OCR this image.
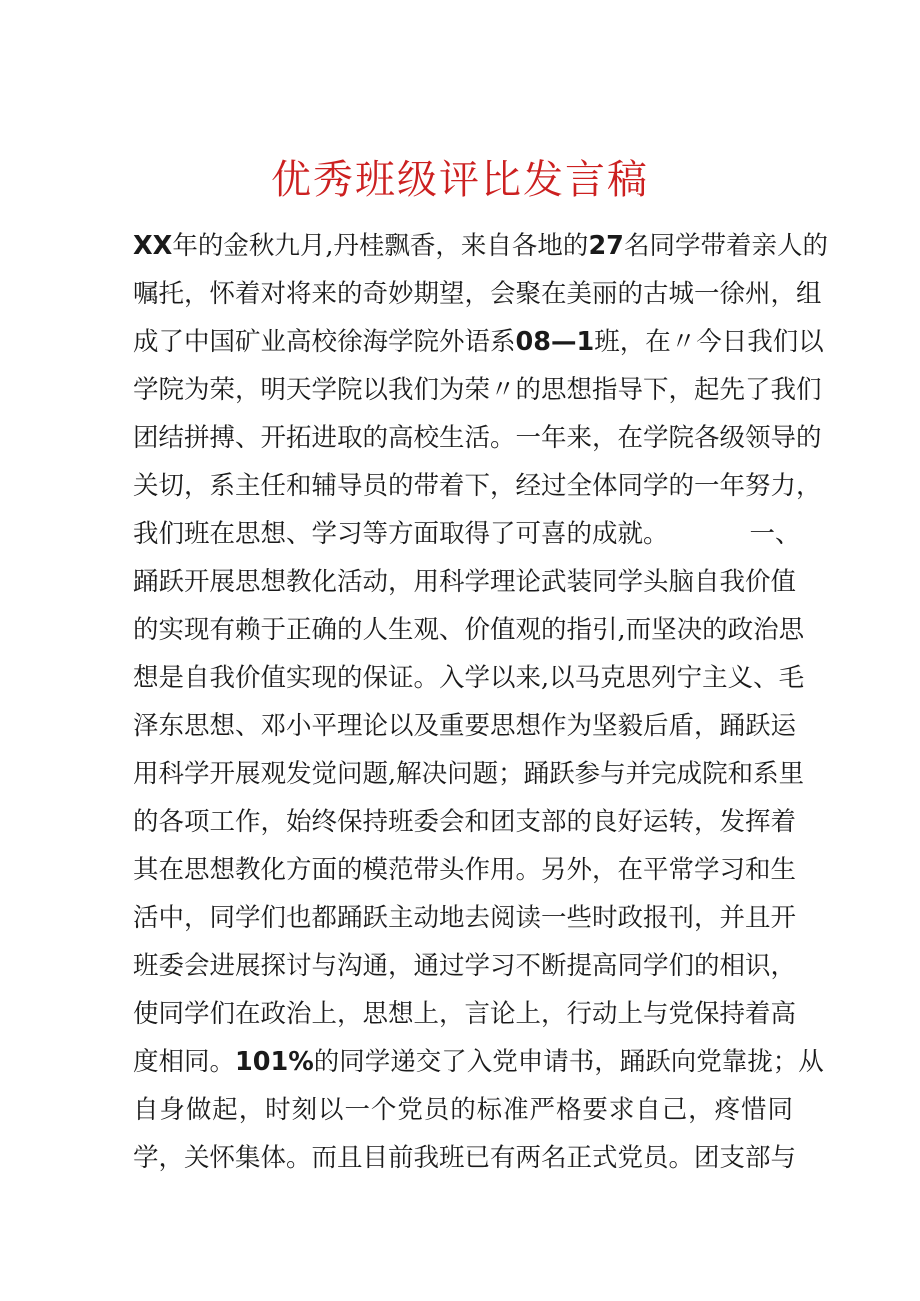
优秀班级评比发言稿
XX年的金秋九月,丹桂飘香，来自各地的27名同学带着亲人的
嘱托，怀着对将来的奇妙期望，会聚在美丽的古城一徐州，组
成了中国矿业高校徐海学院外语系08—1班，在〃今日我们以
学院为荣，明天学院以我们为荣〃的思想指导下，起先了我们
团结拼搏、开拓进取的高校生活。一年来，在学院各级领导的
关切，系主任和辅导员的带着下，经过全体同学的一年努力，
我们班在思想、学习等方面取得了可喜的成就。          一、
踊跃开展思想教化活动，用科学理论武装同学头脑自我价值
的实现有赖于正确的人生观、价值观的指引,而坚决的政治思
想是自我价值实现的保证。入学以来,以马克思列宁主义、毛
泽东思想、邓小平理论以及重要思想作为坚毅后盾，踊跃运
用科学开展观发觉问题,解决问题；踊跃参与并完成院和系里
的各项工作，始终保持班委会和团支部的良好运转，发挥着
其在思想教化方面的模范带头作用。另外，在平常学习和生
活中，同学们也都踊跃主动地去阅读一些时政报刊，并且开
班委会进展探讨与沟通，通过学习不断提高同学们的相识，
使同学们在政治上，思想上，言论上，行动上与党保持着高
度相同。101%的同学递交了入党申请书，踊跃向党靠拢；从
自身做起，时刻以一个党员的标准严格要求自己，疼惜同
学，关怀集体。而且目前我班已有两名正式党员。团支部与
